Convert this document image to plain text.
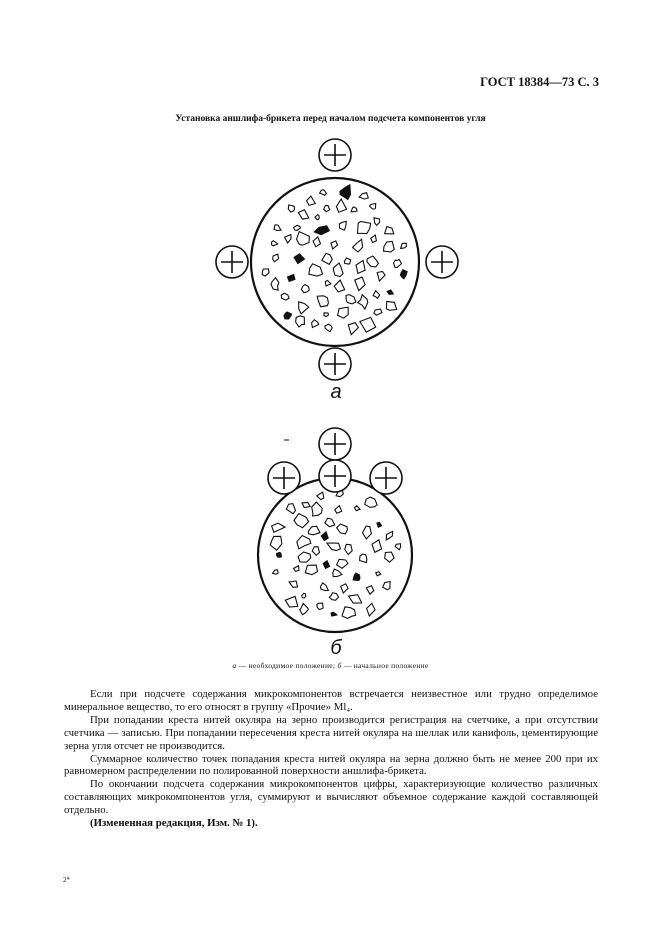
ГОСТ 18384—73 С. 3
Установка аншлифа-брикета перед началом подсчета компонентов угля
а
б
а — необходимое положение; б — начальное положение

Если при подсчете содержания микрокомпонентов встречается неизвестное или трудно определимое минеральное вещество, то его относят в группу «Прочие» Ml₄.

При попадании креста нитей окуляра на зерно производится регистрация на счетчике, а при отсутствии счетчика — записью. При попадании пересечения креста нитей окуляра на шеллак или канифоль, цементирующие зерна угля отсчет не производится.

Суммарное количество точек попадания креста нитей окуляра на зерна должно быть не менее 200 при их равномерном распределении по полированной поверхности аншлифа-брикета.

По окончании подсчета содержания микрокомпонентов цифры, характеризующие количество различных составляющих микрокомпонентов угля, суммируют и вычисляют объемное содержание каждой составляющей отдельно.

(Измененная редакция, Изм. № 1).

2*
